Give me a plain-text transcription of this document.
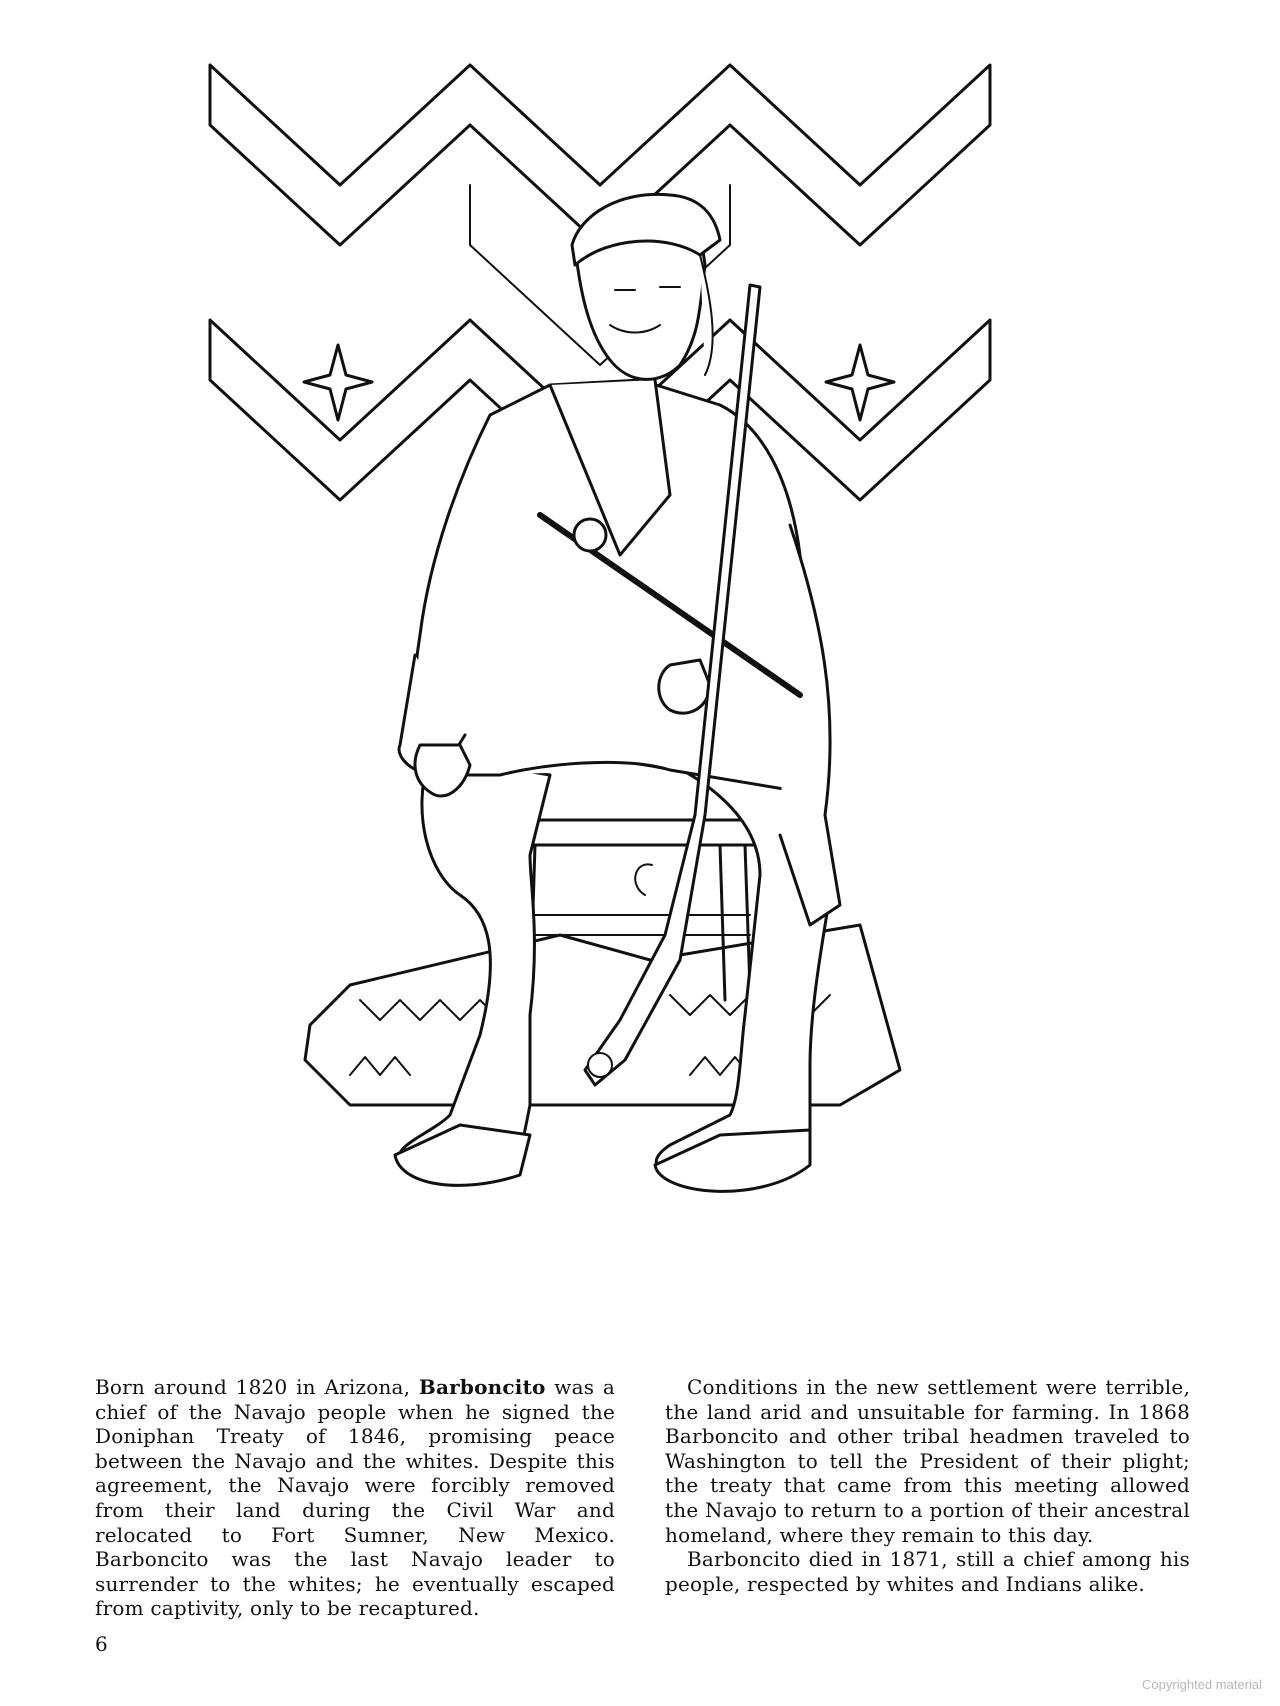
Born around 1820 in Arizona, Barboncito was a chief of the Navajo people when he signed the Doniphan Treaty of 1846, promising peace between the Navajo and the whites. Despite this agreement, the Navajo were forcibly removed from their land during the Civil War and relocated to Fort Sumner, New Mexico. Barboncito was the last Navajo leader to surrender to the whites; he eventually escaped from captivity, only to be recaptured.

Conditions in the new settlement were terrible, the land arid and unsuitable for farming. In 1868 Barboncito and other tribal headmen traveled to Washington to tell the President of their plight; the treaty that came from this meeting allowed the Navajo to return to a portion of their ancestral homeland, where they remain to this day.

Barboncito died in 1871, still a chief among his people, respected by whites and Indians alike.

6
Copyrighted material
